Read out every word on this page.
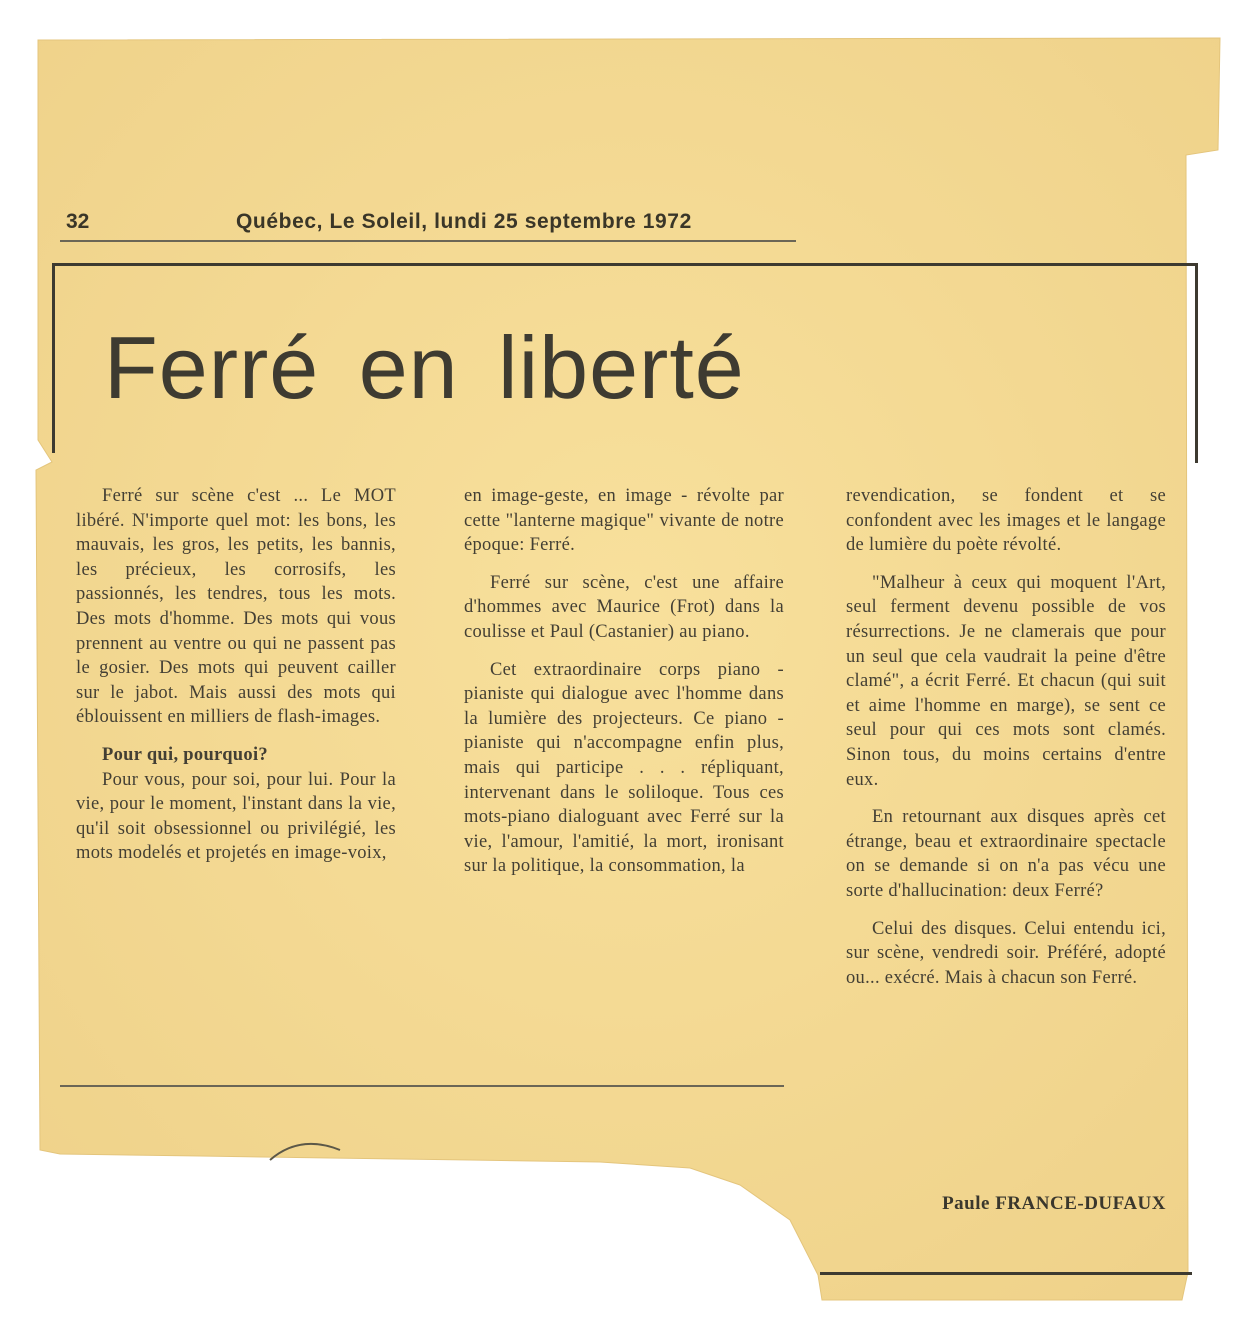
32	Québec, Le Soleil, lundi 25 septembre 1972
Ferré en liberté

Ferré sur scène c'est ... Le MOT libéré. N'importe quel mot: les bons, les mauvais, les gros, les petits, les bannis, les précieux, les corrosifs, les passionnés, les tendres, tous les mots. Des mots d'homme. Des mots qui vous prennent au ventre ou qui ne passent pas le gosier. Des mots qui peuvent cailler sur le jabot. Mais aussi des mots qui éblouissent en milliers de flash-images.

Pour qui, pourquoi?

Pour vous, pour soi, pour lui. Pour la vie, pour le moment, l'instant dans la vie, qu'il soit obsessionnel ou privilégié, les mots modelés et projetés en image-voix,

en image-geste, en image - révolte par cette "lanterne magique" vivante de notre époque: Ferré.

Ferré sur scène, c'est une affaire d'hommes avec Maurice (Frot) dans la coulisse et Paul (Castanier) au piano.

Cet extraordinaire corps piano - pianiste qui dialogue avec l'homme dans la lumière des projecteurs. Ce piano - pianiste qui n'accompagne enfin plus, mais qui participe . . . répliquant, intervenant dans le soliloque. Tous ces mots-piano dialoguant avec Ferré sur la vie, l'amour, l'amitié, la mort, ironisant sur la politique, la consommation, la

revendication, se fondent et se confondent avec les images et le langage de lumière du poète révolté.

"Malheur à ceux qui moquent l'Art, seul ferment devenu possible de vos résurrections. Je ne clamerais que pour un seul que cela vaudrait la peine d'être clamé", a écrit Ferré. Et chacun (qui suit et aime l'homme en marge), se sent ce seul pour qui ces mots sont clamés. Sinon tous, du moins certains d'entre eux.

En retournant aux disques après cet étrange, beau et extraordinaire spectacle on se demande si on n'a pas vécu une sorte d'hallucination: deux Ferré?

Celui des disques. Celui entendu ici, sur scène, vendredi soir. Préféré, adopté ou... exécré. Mais à chacun son Ferré.

Paule FRANCE-DUFAUX
